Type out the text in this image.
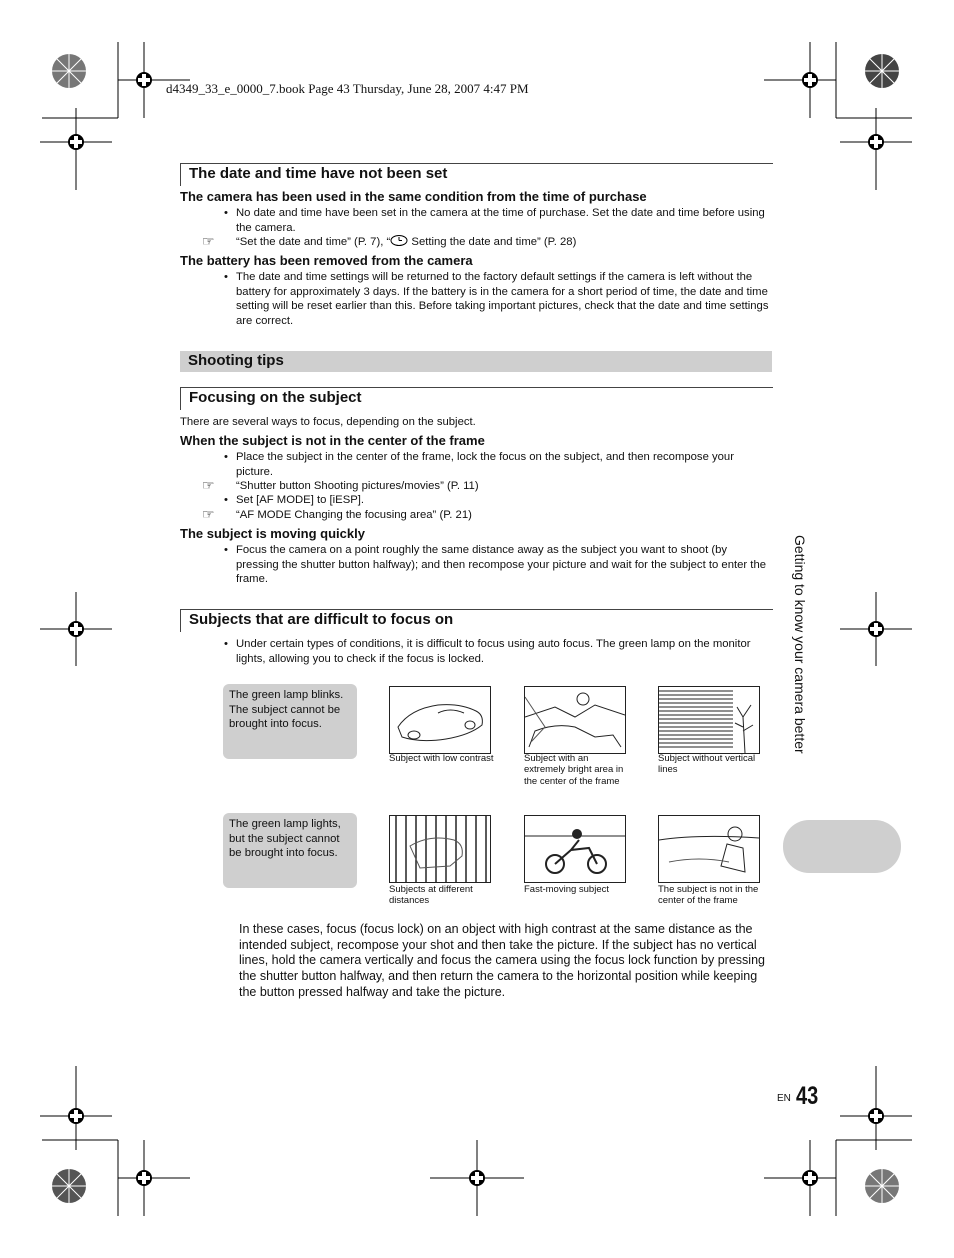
d4349_33_e_0000_7.book Page 43 Thursday, June 28, 2007 4:47 PM
The date and time have not been set
The camera has been used in the same condition from the time of purchase
• No date and time have been set in the camera at the time of purchase. Set the date and time before using the camera.
☞ “Set the date and time” (P. 7), “ Setting the date and time” (P. 28)
The battery has been removed from the camera
• The date and time settings will be returned to the factory default settings if the camera is left without the battery for approximately 3 days. If the battery is in the camera for a short period of time, the date and time setting will be reset earlier than this. Before taking important pictures, check that the date and time settings are correct.
Shooting tips
Focusing on the subject
There are several ways to focus, depending on the subject.
When the subject is not in the center of the frame
• Place the subject in the center of the frame, lock the focus on the subject, and then recompose your picture.
☞ “Shutter button Shooting pictures/movies” (P. 11)
• Set [AF MODE] to [iESP].
☞ “AF MODE Changing the focusing area” (P. 21)
The subject is moving quickly
• Focus the camera on a point roughly the same distance away as the subject you want to shoot (by pressing the shutter button halfway); and then recompose your picture and wait for the subject to enter the frame.
Subjects that are difficult to focus on
• Under certain types of conditions, it is difficult to focus using auto focus. The green lamp on the monitor lights, allowing you to check if the focus is locked.
The green lamp blinks. The subject cannot be brought into focus.
The green lamp lights, but the subject cannot be brought into focus.
Subject with low contrast	Subject with an extremely bright area in the center of the frame
Subject without vertical lines
Subjects at different distances
Fast-moving subject	The subject is not in the center of the frame
In these cases, focus (focus lock) on an object with high contrast at the same distance as the intended subject, recompose your shot and then take the picture. If the subject has no vertical lines, hold the camera vertically and focus the camera using the focus lock function by pressing the shutter button halfway, and then return the camera to the horizontal position while keeping the button pressed halfway and take the picture.
Getting to know your camera better
EN 43
